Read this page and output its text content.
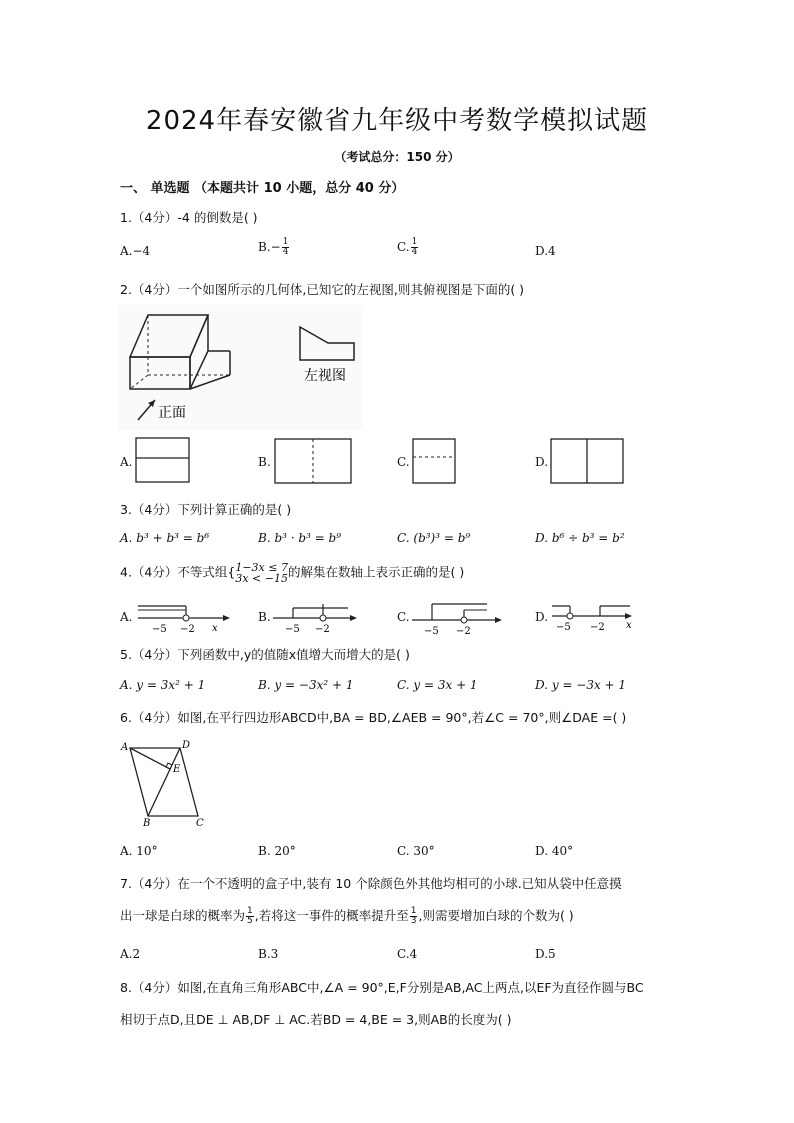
2024年春安徽省九年级中考数学模拟试题
（考试总分：150 分）
一、 单选题 （本题共计 10 小题，总分 40 分）
1.（4分）-4 的倒数是( )
A.−4	$B.- \frac{1}{4}$	C. $\frac{1}{4}$	D.4
2.（4分）一个如图所示的几何体,已知它的左视图,则其俯视图是下面的( )
正面
左视图
A.	B.	C.	D.
3.（4分）下列计算正确的是( )
A. b³ + b³ = b⁶	B. b³ · b³ = b⁹	C. (b³)³ = b⁹	D. b⁶ ÷ b³ = b²
4.（4分）不等式组{ 1−3x ≤ 7
3x < −15 的解集在数轴上表示正确的是( )
A.
−5 −2 x
B.
−5 −2
C.
−5 −2
D.
−5 −2 x
5.（4分）下列函数中,y的值随x值增大而增大的是( )
A. y = 3x² + 1	B. y = −3x² + 1	C. y = 3x + 1	D. y = −3x + 1
6.（4分）如图,在平行四边形ABCD中,BA = BD,∠AEB = 90°,若∠C = 70°,则∠DAE =( )
A	D
E
B	C
A. 10°	B. 20°	C. 30°	D. 40°
7.（4分）在一个不透明的盒子中,装有 10 个除颜色外其他均相可的小球.已知从袋中任意摸
出一球是白球的概率为 $\frac{1}{5}$ ,若将这一事件的概率提升至 $\frac{1}{3}$ ,则需要增加白球的个数为( )
A.2	B.3	C.4	D.5
8.（4分）如图,在直角三角形ABC中,∠A = 90°,E,F分别是AB,AC上两点,以EF为直径作圆与BC
相切于点D,且DE ⊥ AB,DF ⊥ AC.若BD = 4,BE = 3,则AB的长度为( )
